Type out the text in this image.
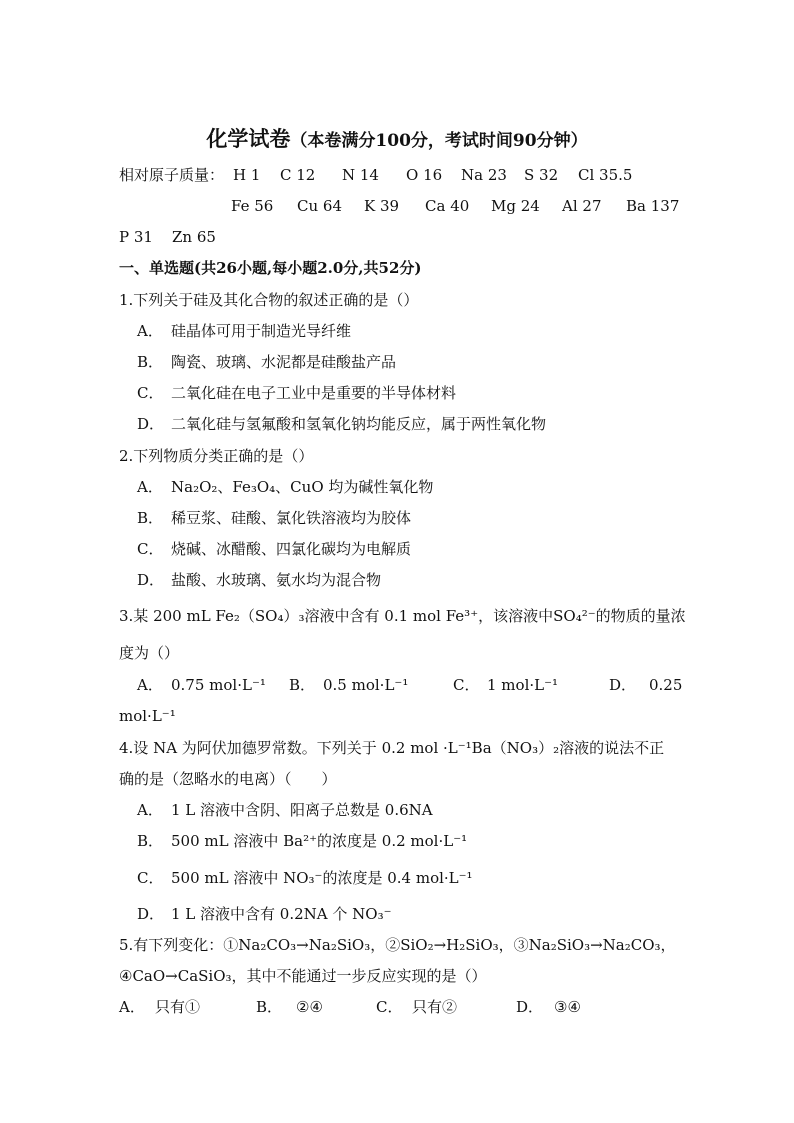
化学试卷（本卷满分100分，考试时间90分钟）
相对原子质量： H 1 C 12 N 14 O 16 Na 23 S 32 Cl 35.5
Fe 56 Cu 64 K 39 Ca 40 Mg 24 Al 27 Ba 137
P 31 Zn 65
一、单选题(共26小题,每小题2.0分,共52分)
1.下列关于硅及其化合物的叙述正确的是（）
A． 硅晶体可用于制造光导纤维
B． 陶瓷、玻璃、水泥都是硅酸盐产品
C． 二氧化硅在电子工业中是重要的半导体材料
D． 二氧化硅与氢氟酸和氢氧化钠均能反应，属于两性氧化物
2.下列物质分类正确的是（）
A． Na₂O₂、Fe₃O₄、CuO 均为碱性氧化物
B． 稀豆浆、硅酸、氯化铁溶液均为胶体
C． 烧碱、冰醋酸、四氯化碳均为电解质
D． 盐酸、水玻璃、氨水均为混合物
3.某 200 mL Fe₂（SO₄）₃溶液中含有 0.1 mol Fe³⁺，该溶液中SO₄²⁻的物质的量浓
度为（）
A． 0.75 mol·L⁻¹ B． 0.5 mol·L⁻¹	C． 1 mol·L⁻¹	D． 0.25
mol·L⁻¹
4.设 NA 为阿伏加德罗常数。下列关于 0.2 mol ·L⁻¹Ba（NO₃）₂溶液的说法不正
确的是（忽略水的电离）（　　）
A． 1 L 溶液中含阴、阳离子总数是 0.6NA
B． 500 mL 溶液中 Ba²⁺的浓度是 0.2 mol·L⁻¹
C． 500 mL 溶液中 NO₃⁻的浓度是 0.4 mol·L⁻¹
D． 1 L 溶液中含有 0.2NA 个 NO₃⁻
5.有下列变化：①Na₂CO₃→Na₂SiO₃，②SiO₂→H₂SiO₃，③Na₂SiO₃→Na₂CO₃，
④CaO→CaSiO₃，其中不能通过一步反应实现的是（）
A． 只有①	B． ②④	C． 只有②	D． ③④
